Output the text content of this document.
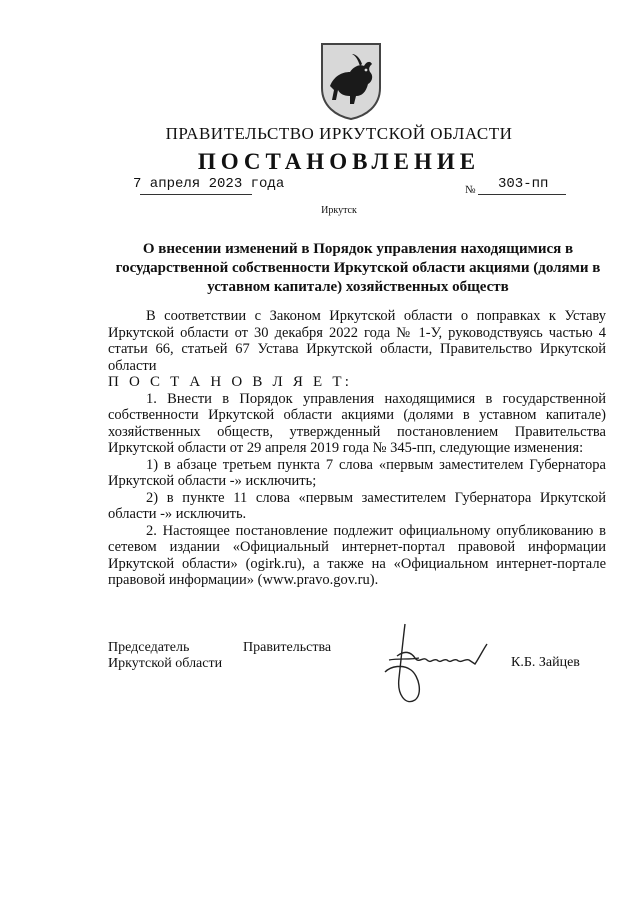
ПРАВИТЕЛЬСТВО ИРКУТСКОЙ ОБЛАСТИ
ПОСТАНОВЛЕНИЕ
7 апреля 2023 года	№ 303-пп
Иркутск
О внесении изменений в Порядок управления находящимися в
государственной собственности Иркутской области акциями (долями в
уставном капитале) хозяйственных обществ

В соответствии с Законом Иркутской области о поправках к Уставу Иркутской области от 30 декабря 2022 года № 1-У, руководствуясь частью 4 статьи 66, статьей 67 Устава Иркутской области, Правительство Иркутской области

П О С Т А Н О В Л Я Е Т:

1. Внести в Порядок управления находящимися в государственной собственности Иркутской области акциями (долями в уставном капитале) хозяйственных обществ, утвержденный постановлением Правительства Иркутской области от 29 апреля 2019 года № 345-пп, следующие изменения:

1) в абзаце третьем пункта 7 слова «первым заместителем Губернатора Иркутской области -» исключить;

2) в пункте 11 слова «первым заместителем Губернатора Иркутской области -» исключить.

2. Настоящее постановление подлежит официальному опубликованию в сетевом издании «Официальный интернет-портал правовой информации Иркутской области» (ogirk.ru), а также на «Официальном интернет-портале правовой информации» (www.pravo.gov.ru).

Председатель	Правительства
Иркутской области	К.Б. Зайцев
